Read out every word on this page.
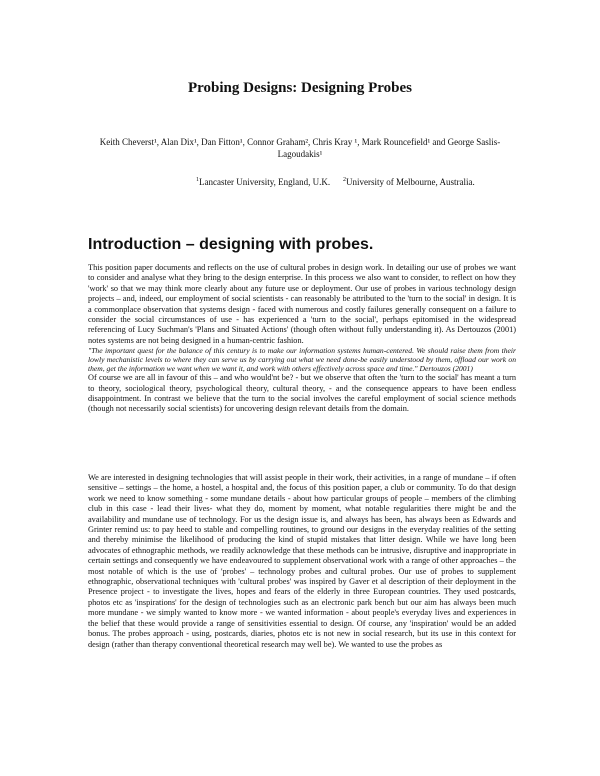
Probing Designs: Designing Probes
Keith Cheverst¹, Alan Dix¹, Dan Fitton¹, Connor Graham², Chris Kray ¹, Mark Rouncefield¹ and George Saslis-Lagoudakis¹
$^1$Lancaster University, England, U.K. $^2$University of Melbourne, Australia.
Introduction – designing with probes.

This position paper documents and reflects on the use of cultural probes in design work. In detailing our use of probes we want to consider and analyse what they bring to the design enterprise. In this process we also want to consider, to reflect on how they 'work' so that we may think more clearly about any future use or deployment. Our use of probes in various technology design projects – and, indeed, our employment of social scientists - can reasonably be attributed to the 'turn to the social' in design. It is a commonplace observation that systems design - faced with numerous and costly failures generally consequent on a failure to consider the social circumstances of use - has experienced a 'turn to the social', perhaps epitomised in the widespread referencing of Lucy Suchman's 'Plans and Situated Actions' (though often without fully understanding it). As Dertouzos (2001) notes systems are not being designed in a human-centric fashion.

"The important quest for the balance of this century is to make our information systems human-centered. We should raise them from their lowly mechanistic levels to where they can serve us by carrying out what we need done-be easily understood by them, offload our work on them, get the information we want when we want it, and work with others effectively across space and time." Dertouzos (2001)

Of course we are all in favour of this – and who would'nt be? - but we observe that often the 'turn to the social' has meant a turn to theory, sociological theory, psychological theory, cultural theory, - and the consequence appears to have been endless disappointment. In contrast we believe that the turn to the social involves the careful employment of social science methods (though not necessarily social scientists) for uncovering design relevant details from the domain.

We are interested in designing technologies that will assist people in their work, their activities, in a range of mundane – if often sensitive – settings – the home, a hostel, a hospital and, the focus of this position paper, a club or community. To do that design work we need to know something - some mundane details - about how particular groups of people – members of the climbing club in this case - lead their lives- what they do, moment by moment, what notable regularities there might be and the availability and mundane use of technology. For us the design issue is, and always has been, has always been as Edwards and Grinter remind us: to pay heed to stable and compelling routines, to ground our designs in the everyday realities of the setting and thereby minimise the likelihood of producing the kind of stupid mistakes that litter design. While we have long been advocates of ethnographic methods, we readily acknowledge that these methods can be intrusive, disruptive and inappropriate in certain settings and consequently we have endeavoured to supplement observational work with a range of other approaches – the most notable of which is the use of 'probes' – technology probes and cultural probes. Our use of probes to supplement ethnographic, observational techniques with 'cultural probes' was inspired by Gaver et al description of their deployment in the Presence project - to investigate the lives, hopes and fears of the elderly in three European countries. They used postcards, photos etc as 'inspirations' for the design of technologies such as an electronic park bench but our aim has always been much more mundane - we simply wanted to know more - we wanted information - about people's everyday lives and experiences in the belief that these would provide a range of sensitivities essential to design. Of course, any 'inspiration' would be an added bonus. The probes approach - using, postcards, diaries, photos etc is not new in social research, but its use in this context for design (rather than therapy conventional theoretical research may well be). We wanted to use the probes as
